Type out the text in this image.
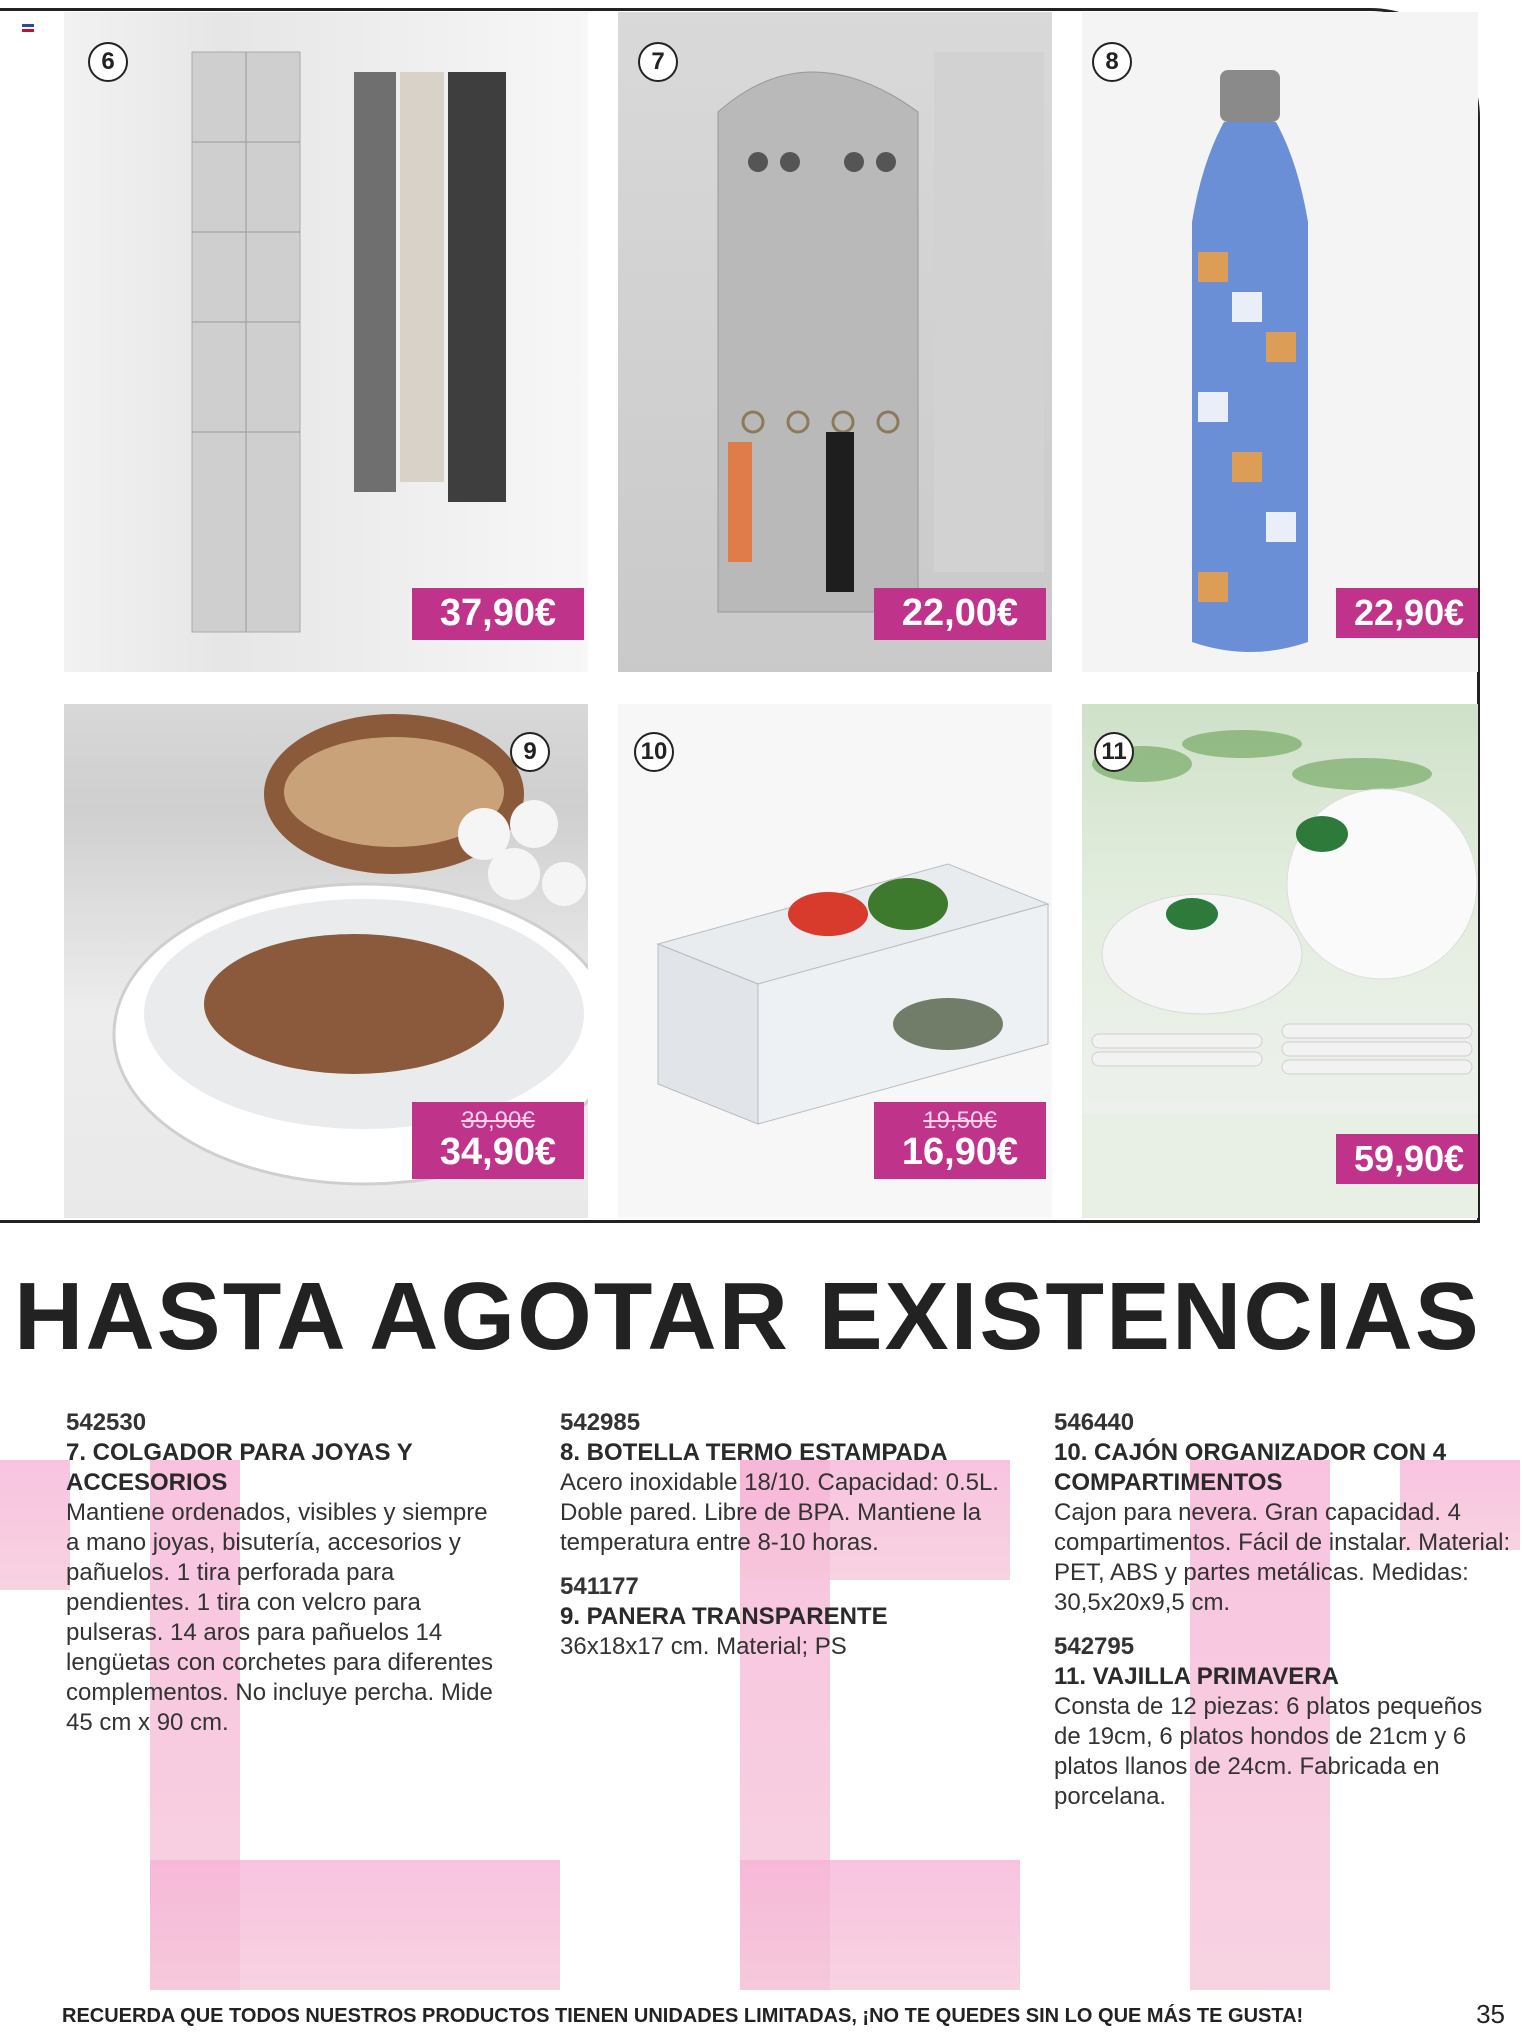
6
37,90€
7
22,00€
8
22,90€
9
39,90€
34,90€
10
19,50€
16,90€
11
59,90€
HASTA AGOTAR EXISTENCIAS
542530
7. COLGADOR PARA JOYAS Y ACCESORIOS
Mantiene ordenados, visibles y siempre a mano joyas, bisutería, accesorios y pañuelos. 1 tira perforada para pendientes. 1 tira con velcro para pulseras. 14 aros para pañuelos 14 lengüetas con corchetes para diferentes complementos. No incluye percha. Mide 45 cm x 90 cm.
542985
8. BOTELLA TERMO ESTAMPADA
Acero inoxidable 18/10. Capacidad: 0.5L. Doble pared. Libre de BPA. Mantiene la temperatura entre 8-10 horas.
541177
9. PANERA TRANSPARENTE
36x18x17 cm. Material; PS
546440
10. CAJÓN ORGANIZADOR CON 4 COMPARTIMENTOS
Cajon para nevera. Gran capacidad. 4 compartimentos. Fácil de instalar. Material: PET, ABS y partes metálicas. Medidas: 30,5x20x9,5 cm.
542795
11. VAJILLA PRIMAVERA
Consta de 12 piezas: 6 platos pequeños de 19cm, 6 platos hondos de 21cm y 6 platos llanos de 24cm. Fabricada en porcelana.
RECUERDA QUE TODOS NUESTROS PRODUCTOS TIENEN UNIDADES LIMITADAS, ¡NO TE QUEDES SIN LO QUE MÁS TE GUSTA!	35
